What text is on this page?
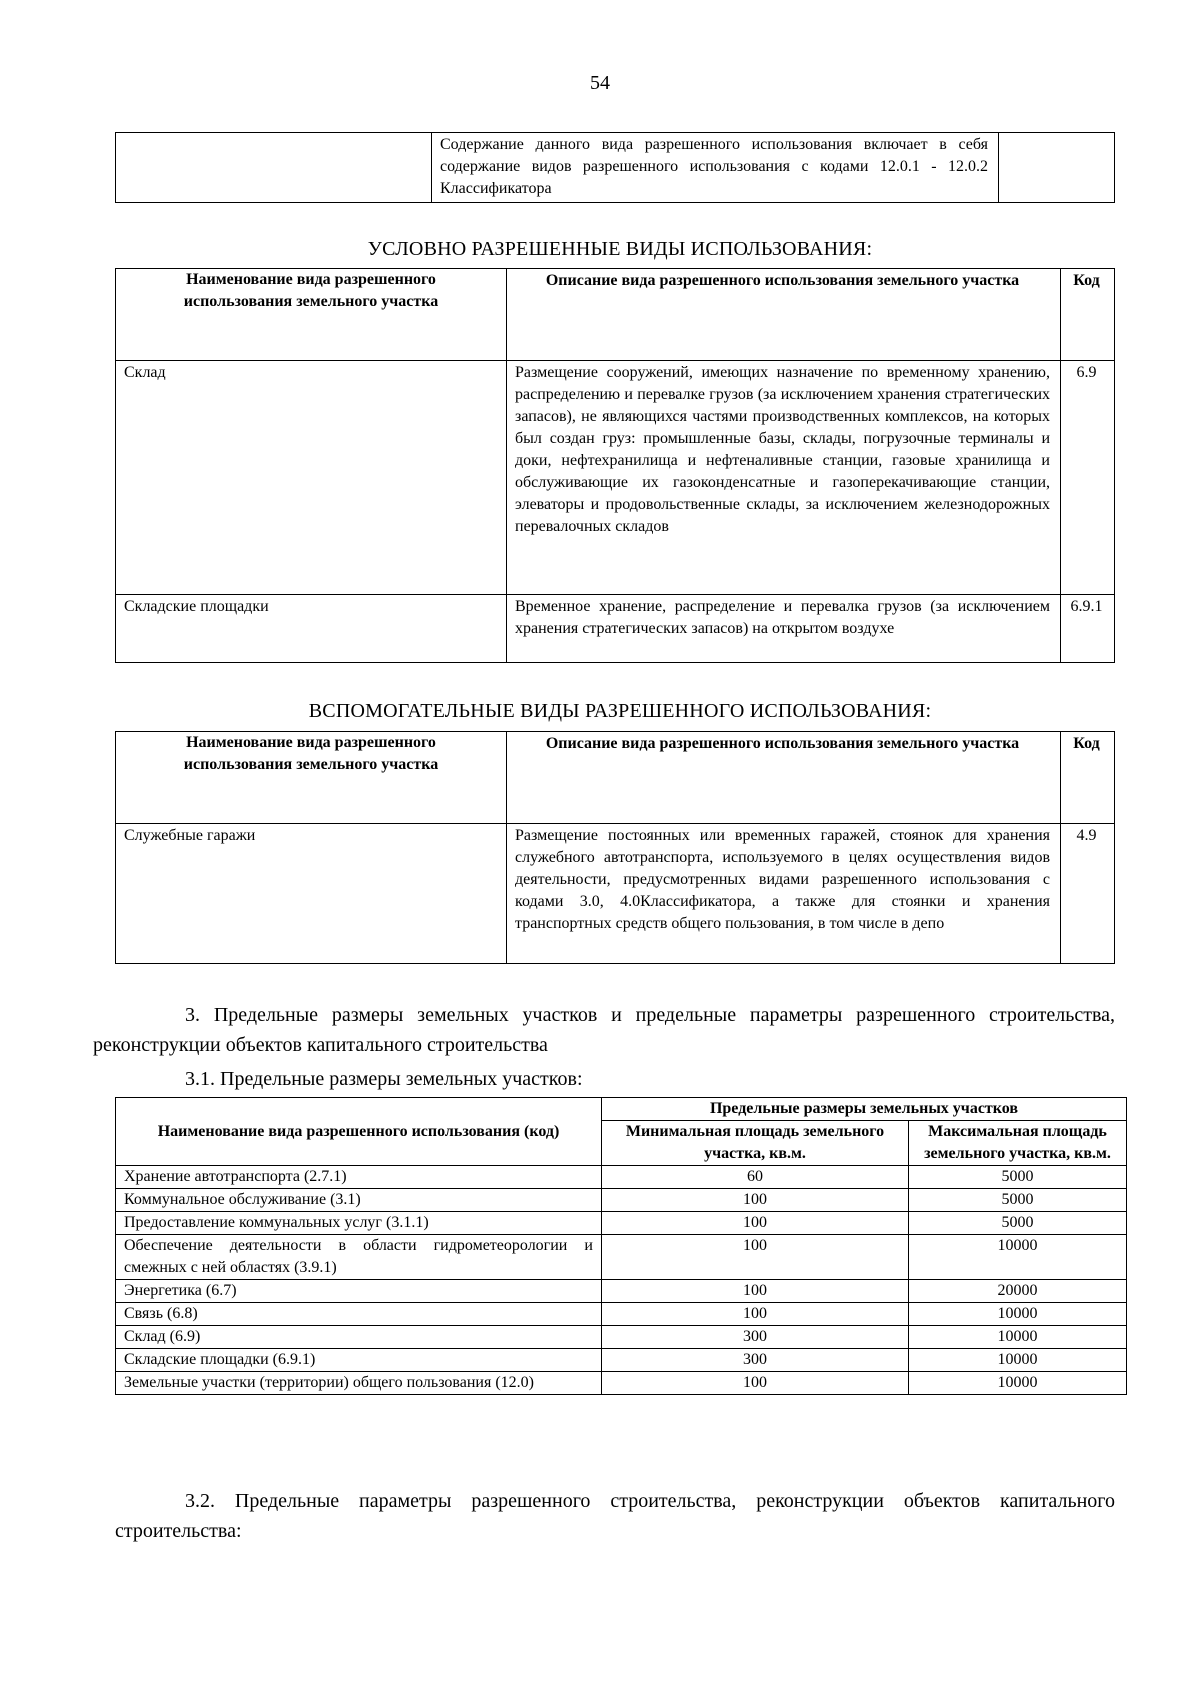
54
	Содержание данного вида разрешенного использования включает в себя содержание видов разрешенного использования с кодами 12.0.1 - 12.0.2 Классификатора	
УСЛОВНО РАЗРЕШЕННЫЕ ВИДЫ ИСПОЛЬЗОВАНИЯ:
Наименование вида разрешенного использования земельного участка	Описание вида разрешенного использования земельного участка	Код
Склад	Размещение сооружений, имеющих назначение по временному хранению, распределению и перевалке грузов (за исключением хранения стратегических запасов), не являющихся частями производственных комплексов, на которых был создан груз: промышленные базы, склады, погрузочные терминалы и доки, нефтехранилища и нефтеналивные станции, газовые хранилища и обслуживающие их газоконденсатные и газоперекачивающие станции, элеваторы и продовольственные склады, за исключением железнодорожных перевалочных складов	6.9
Складские площадки	Временное хранение, распределение и перевалка грузов (за исключением хранения стратегических запасов) на открытом воздухе	6.9.1
ВСПОМОГАТЕЛЬНЫЕ ВИДЫ РАЗРЕШЕННОГО ИСПОЛЬЗОВАНИЯ:
Наименование вида разрешенного использования земельного участка	Описание вида разрешенного использования земельного участка	Код
Служебные гаражи	Размещение постоянных или временных гаражей, стоянок для хранения служебного автотранспорта, используемого в целях осуществления видов деятельности, предусмотренных видами разрешенного использования с кодами 3.0, 4.0Классификатора, а также для стоянки и хранения транспортных средств общего пользования, в том числе в депо	4.9
3. Предельные размеры земельных участков и предельные параметры разрешенного строительства, реконструкции объектов капитального строительства
3.1. Предельные размеры земельных участков:
Наименование вида разрешенного использования (код)	Предельные размеры земельных участков	
	Минимальная площадь земельного участка, кв.м.	Максимальная площадь земельного участка, кв.м.
Хранение автотранспорта (2.7.1)	60	5000
Коммунальное обслуживание (3.1)	100	5000
Предоставление коммунальных услуг (3.1.1)	100	5000
Обеспечение деятельности в области гидрометеорологии и смежных с ней областях (3.9.1)	100	10000
Энергетика (6.7)	100	20000
Связь (6.8)	100	10000
Склад (6.9)	300	10000
Складские площадки (6.9.1)	300	10000
Земельные участки (территории) общего пользования (12.0)	100	10000
3.2. Предельные параметры разрешенного строительства, реконструкции объектов капитального строительства:
